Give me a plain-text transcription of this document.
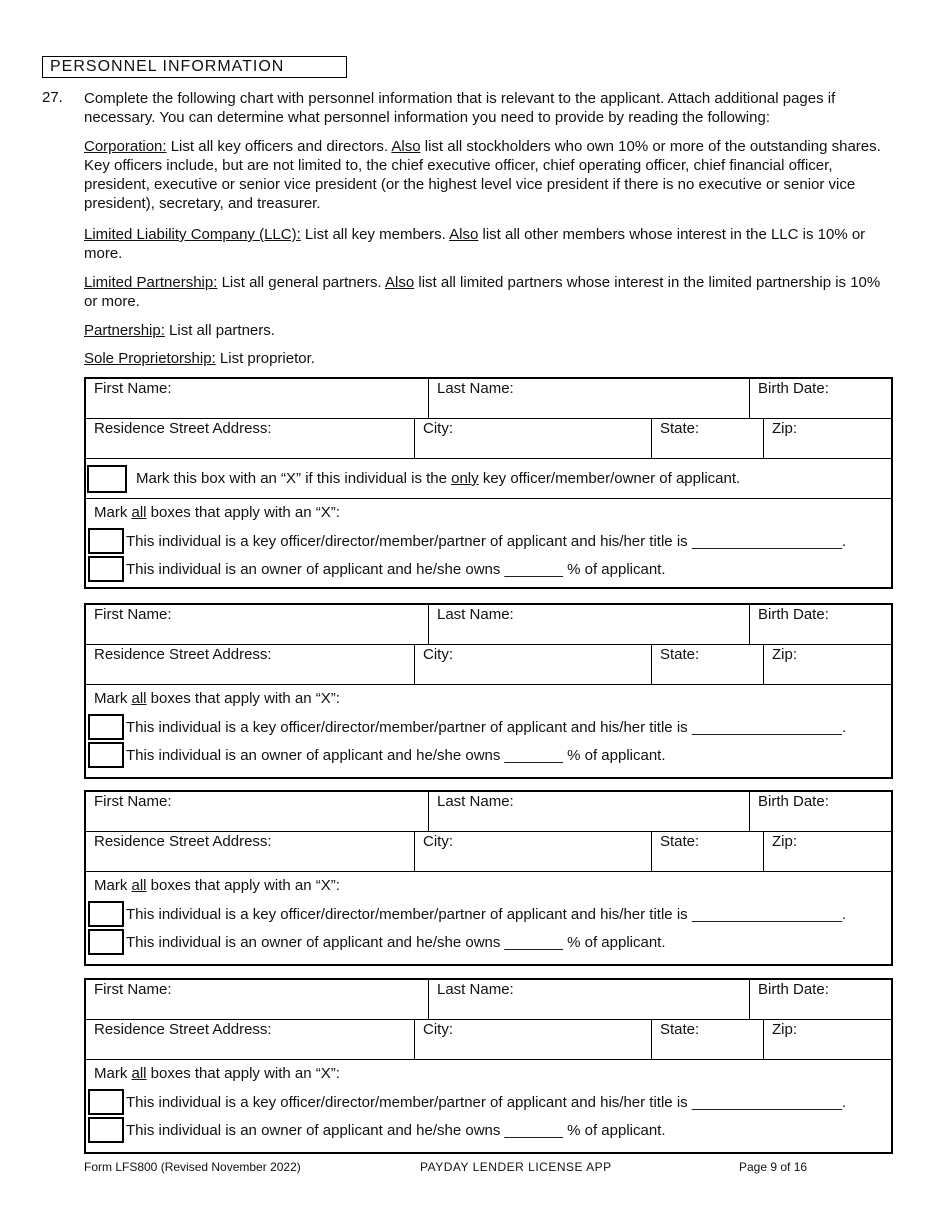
PERSONNEL INFORMATION
27. Complete the following chart with personnel information that is relevant to the applicant. Attach additional pages if necessary. You can determine what personnel information you need to provide by reading the following:
Corporation: List all key officers and directors. Also list all stockholders who own 10% or more of the outstanding shares. Key officers include, but are not limited to, the chief executive officer, chief operating officer, chief financial officer, president, executive or senior vice president (or the highest level vice president if there is no executive or senior vice president), secretary, and treasurer.
Limited Liability Company (LLC): List all key members. Also list all other members whose interest in the LLC is 10% or more.
Limited Partnership: List all general partners. Also list all limited partners whose interest in the limited partnership is 10% or more.
Partnership: List all partners.
Sole Proprietorship: List proprietor.
First Name:	Last Name:	Birth Date:
Residence Street Address:	City:	State:	Zip:
Mark this box with an “X” if this individual is the only key officer/member/owner of applicant.
Mark all boxes that apply with an “X”:
This individual is a key officer/director/member/partner of applicant and his/her title is __________________.
This individual is an owner of applicant and he/she owns _______ % of applicant.
First Name:	Last Name:	Birth Date:
Residence Street Address:	City:	State:	Zip:
Mark all boxes that apply with an “X”:
This individual is a key officer/director/member/partner of applicant and his/her title is __________________.
This individual is an owner of applicant and he/she owns _______ % of applicant.
First Name:	Last Name:	Birth Date:
Residence Street Address:	City:	State:	Zip:
Mark all boxes that apply with an “X”:
This individual is a key officer/director/member/partner of applicant and his/her title is __________________.
This individual is an owner of applicant and he/she owns _______ % of applicant.
First Name:	Last Name:	Birth Date:
Residence Street Address:	City:	State:	Zip:
Mark all boxes that apply with an “X”:
This individual is a key officer/director/member/partner of applicant and his/her title is __________________.
This individual is an owner of applicant and he/she owns _______ % of applicant.
Form LFS800 (Revised November 2022)	PAYDAY LENDER LICENSE APP	Page 9 of 16
